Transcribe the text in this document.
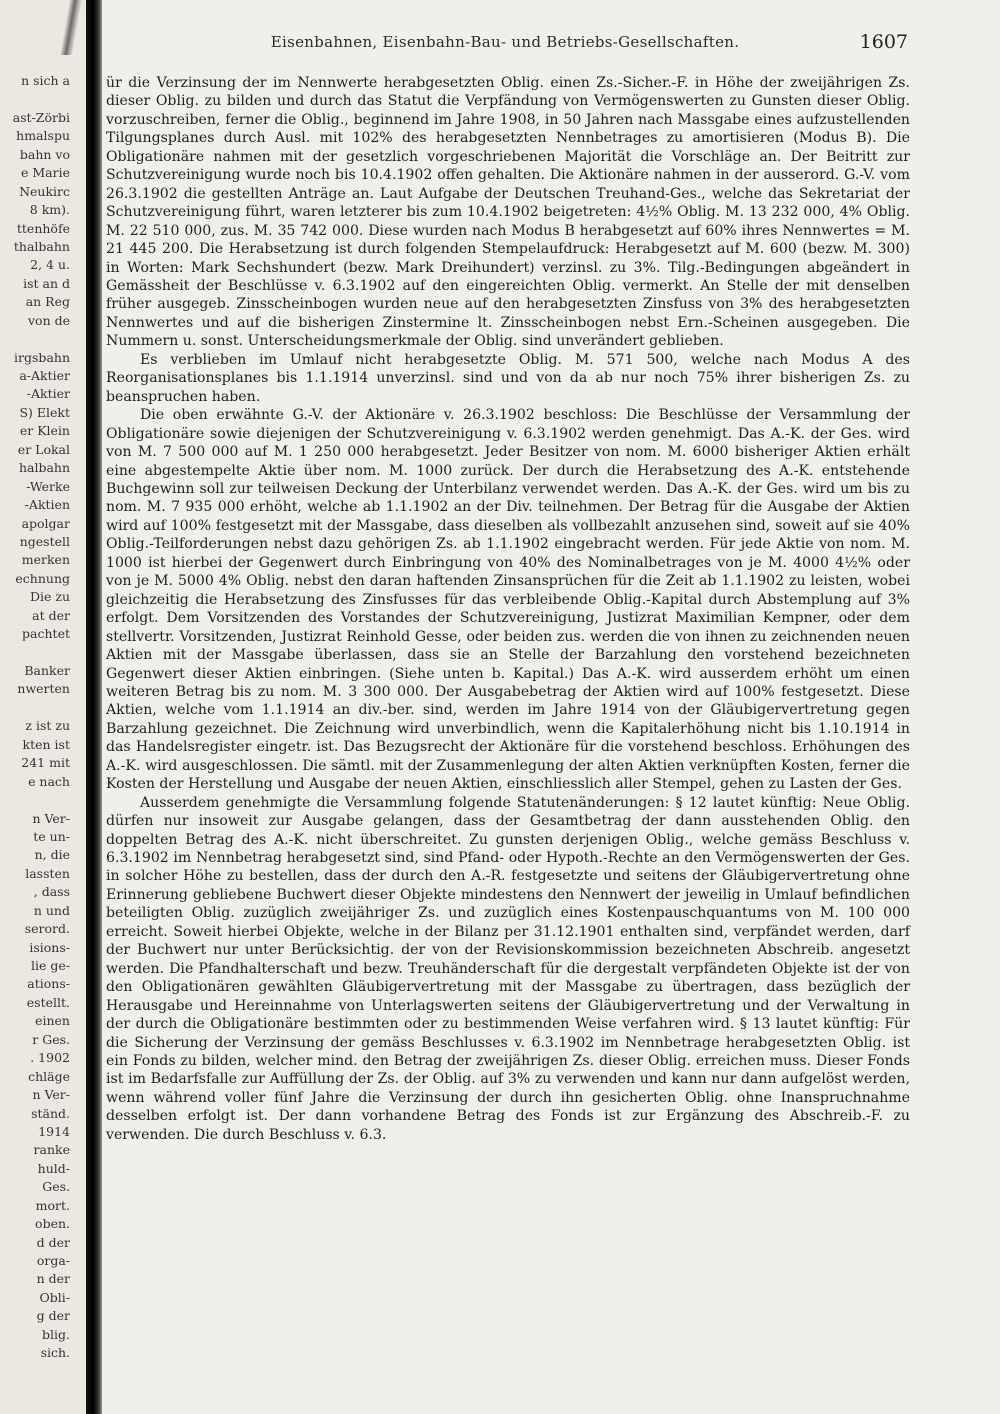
n sich a
ast-Zörbi
hmalspu
bahn vo
e Marie
Neukirc
8 km).
ttenhöfe
thalbahn
2, 4 u.
ist an d
an Reg
von de
irgsbahn
a-Aktier
-Aktier
S) Elekt
er Klein
er Lokal
halbahn
-Werke
-Aktien
apolgar
ngestell
merken
echnung
Die zu
at der
pachtet
Banker
nwerten
z ist zu
kten ist
241 mit
e nach
n Ver-
te un-
n, die
lassten
, dass
n und
serord.
isions-
lie ge-
ations-
estellt.
einen
r Ges.
. 1902
chläge
n Ver-
ständ.
1914
ranke
huld-
Ges.
mort.
oben.
d der
orga-
n der
Obli-
g der
blig.
sich.
Eisenbahnen, Eisenbahn-Bau- und Betriebs-Gesellschaften.	1607

ür die Verzinsung der im Nennwerte herabgesetzten Oblig. einen Zs.-Sicher.-F. in Höhe der zweijährigen Zs. dieser Oblig. zu bilden und durch das Statut die Verpfändung von Vermögenswerten zu Gunsten dieser Oblig. vorzuschreiben, ferner die Oblig., beginnend im Jahre 1908, in 50 Jahren nach Massgabe eines aufzustellenden Tilgungsplanes durch Ausl. mit 102% des herabgesetzten Nennbetrages zu amortisieren (Modus B). Die Obligationäre nahmen mit der gesetzlich vorgeschriebenen Majorität die Vorschläge an. Der Beitritt zur Schutzvereinigung wurde noch bis 10.4.1902 offen gehalten. Die Aktionäre nahmen in der ausserord. G.-V. vom 26.3.1902 die gestellten Anträge an. Laut Aufgabe der Deutschen Treuhand-Ges., welche das Sekretariat der Schutzvereinigung führt, waren letzterer bis zum 10.4.1902 beigetreten: 4½% Oblig. M. 13 232 000, 4% Oblig. M. 22 510 000, zus. M. 35 742 000. Diese wurden nach Modus B herabgesetzt auf 60% ihres Nennwertes = M. 21 445 200. Die Herabsetzung ist durch folgenden Stempelaufdruck: Herabgesetzt auf M. 600 (bezw. M. 300) in Worten: Mark Sechshundert (bezw. Mark Dreihundert) verzinsl. zu 3%. Tilg.-Bedingungen abgeändert in Gemässheit der Beschlüsse v. 6.3.1902 auf den eingereichten Oblig. vermerkt. An Stelle der mit denselben früher ausgegeb. Zinsscheinbogen wurden neue auf den herabgesetzten Zinsfuss von 3% des herabgesetzten Nennwertes und auf die bisherigen Zinstermine lt. Zinsscheinbogen nebst Ern.-Scheinen ausgegeben. Die Nummern u. sonst. Unterscheidungsmerkmale der Oblig. sind unverändert geblieben.

Es verblieben im Umlauf nicht herabgesetzte Oblig. M. 571 500, welche nach Modus A des Reorganisationsplanes bis 1.1.1914 unverzinsl. sind und von da ab nur noch 75% ihrer bisherigen Zs. zu beanspruchen haben.

Die oben erwähnte G.-V. der Aktionäre v. 26.3.1902 beschloss: Die Beschlüsse der Versammlung der Obligationäre sowie diejenigen der Schutzvereinigung v. 6.3.1902 werden genehmigt. Das A.-K. der Ges. wird von M. 7 500 000 auf M. 1 250 000 herabgesetzt. Jeder Besitzer von nom. M. 6000 bisheriger Aktien erhält eine abgestempelte Aktie über nom. M. 1000 zurück. Der durch die Herabsetzung des A.-K. entstehende Buchgewinn soll zur teilweisen Deckung der Unterbilanz verwendet werden. Das A.-K. der Ges. wird um bis zu nom. M. 7 935 000 erhöht, welche ab 1.1.1902 an der Div. teilnehmen. Der Betrag für die Ausgabe der Aktien wird auf 100% festgesetzt mit der Massgabe, dass dieselben als vollbezahlt anzusehen sind, soweit auf sie 40% Oblig.-Teilforderungen nebst dazu gehörigen Zs. ab 1.1.1902 eingebracht werden. Für jede Aktie von nom. M. 1000 ist hierbei der Gegenwert durch Einbringung von 40% des Nominalbetrages von je M. 4000 4½% oder von je M. 5000 4% Oblig. nebst den daran haftenden Zinsansprüchen für die Zeit ab 1.1.1902 zu leisten, wobei gleichzeitig die Herabsetzung des Zinsfusses für das verbleibende Oblig.-Kapital durch Abstemplung auf 3% erfolgt. Dem Vorsitzenden des Vorstandes der Schutzvereinigung, Justizrat Maximilian Kempner, oder dem stellvertr. Vorsitzenden, Justizrat Reinhold Gesse, oder beiden zus. werden die von ihnen zu zeichnenden neuen Aktien mit der Massgabe überlassen, dass sie an Stelle der Barzahlung den vorstehend bezeichneten Gegenwert dieser Aktien einbringen. (Siehe unten b. Kapital.) Das A.-K. wird ausserdem erhöht um einen weiteren Betrag bis zu nom. M. 3 300 000. Der Ausgabebetrag der Aktien wird auf 100% festgesetzt. Diese Aktien, welche vom 1.1.1914 an div.-ber. sind, werden im Jahre 1914 von der Gläubigervertretung gegen Barzahlung gezeichnet. Die Zeichnung wird unverbindlich, wenn die Kapitalerhöhung nicht bis 1.10.1914 in das Handelsregister eingetr. ist. Das Bezugsrecht der Aktionäre für die vorstehend beschloss. Erhöhungen des A.-K. wird ausgeschlossen. Die sämtl. mit der Zusammenlegung der alten Aktien verknüpften Kosten, ferner die Kosten der Herstellung und Ausgabe der neuen Aktien, einschliesslich aller Stempel, gehen zu Lasten der Ges.

Ausserdem genehmigte die Versammlung folgende Statutenänderungen: § 12 lautet künftig: Neue Oblig. dürfen nur insoweit zur Ausgabe gelangen, dass der Gesamtbetrag der dann ausstehenden Oblig. den doppelten Betrag des A.-K. nicht überschreitet. Zu gunsten derjenigen Oblig., welche gemäss Beschluss v. 6.3.1902 im Nennbetrag herabgesetzt sind, sind Pfand- oder Hypoth.-Rechte an den Vermögenswerten der Ges. in solcher Höhe zu bestellen, dass der durch den A.-R. festgesetzte und seitens der Gläubigervertretung ohne Erinnerung gebliebene Buchwert dieser Objekte mindestens den Nennwert der jeweilig in Umlauf befindlichen beteiligten Oblig. zuzüglich zweijähriger Zs. und zuzüglich eines Kostenpauschquantums von M. 100 000 erreicht. Soweit hierbei Objekte, welche in der Bilanz per 31.12.1901 enthalten sind, verpfändet werden, darf der Buchwert nur unter Berücksichtig. der von der Revisionskommission bezeichneten Abschreib. angesetzt werden. Die Pfandhalterschaft und bezw. Treuhänderschaft für die dergestalt verpfändeten Objekte ist der von den Obligationären gewählten Gläubigervertretung mit der Massgabe zu übertragen, dass bezüglich der Herausgabe und Hereinnahme von Unterlagswerten seitens der Gläubigervertretung und der Verwaltung in der durch die Obligationäre bestimmten oder zu bestimmenden Weise verfahren wird. § 13 lautet künftig: Für die Sicherung der Verzinsung der gemäss Beschlusses v. 6.3.1902 im Nennbetrage herabgesetzten Oblig. ist ein Fonds zu bilden, welcher mind. den Betrag der zweijährigen Zs. dieser Oblig. erreichen muss. Dieser Fonds ist im Bedarfsfalle zur Auffüllung der Zs. der Oblig. auf 3% zu verwenden und kann nur dann aufgelöst werden, wenn während voller fünf Jahre die Verzinsung der durch ihn gesicherten Oblig. ohne Inanspruchnahme desselben erfolgt ist. Der dann vorhandene Betrag des Fonds ist zur Ergänzung des Abschreib.-F. zu verwenden. Die durch Beschluss v. 6.3.
